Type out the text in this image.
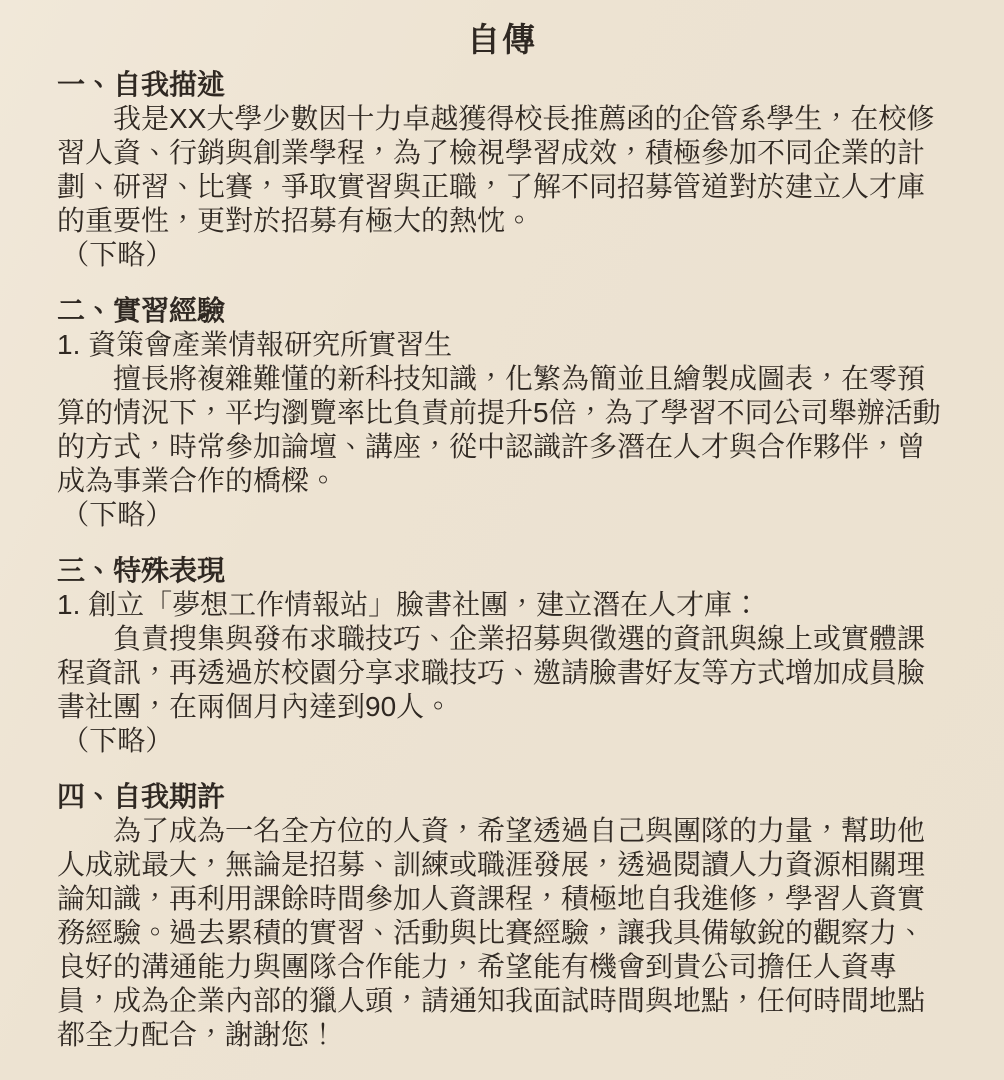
自傳
一、自我描述

我是XX大學少數因十力卓越獲得校長推薦函的企管系學生，在校修習人資、行銷與創業學程，為了檢視學習成效，積極參加不同企業的計劃、研習、比賽，爭取實習與正職，了解不同招募管道對於建立人才庫的重要性，更對於招募有極大的熱忱。

（下略）

二、實習經驗

1. 資策會產業情報研究所實習生

擅長將複雜難懂的新科技知識，化繁為簡並且繪製成圖表，在零預算的情況下，平均瀏覽率比負責前提升5倍，為了學習不同公司舉辦活動的方式，時常參加論壇、講座，從中認識許多潛在人才與合作夥伴，曾成為事業合作的橋樑。

（下略）

三、特殊表現

1. 創立「夢想工作情報站」臉書社團，建立潛在人才庫：

負責搜集與發布求職技巧、企業招募與徵選的資訊與線上或實體課程資訊，再透過於校園分享求職技巧、邀請臉書好友等方式增加成員臉書社團，在兩個月內達到90人。

（下略）

四、自我期許

為了成為一名全方位的人資，希望透過自己與團隊的力量，幫助他人成就最大，無論是招募、訓練或職涯發展，透過閱讀人力資源相關理論知識，再利用課餘時間參加人資課程，積極地自我進修，學習人資實務經驗。過去累積的實習、活動與比賽經驗，讓我具備敏銳的觀察力、良好的溝通能力與團隊合作能力，希望能有機會到貴公司擔任人資專員，成為企業內部的獵人頭，請通知我面試時間與地點，任何時間地點都全力配合，謝謝您！
